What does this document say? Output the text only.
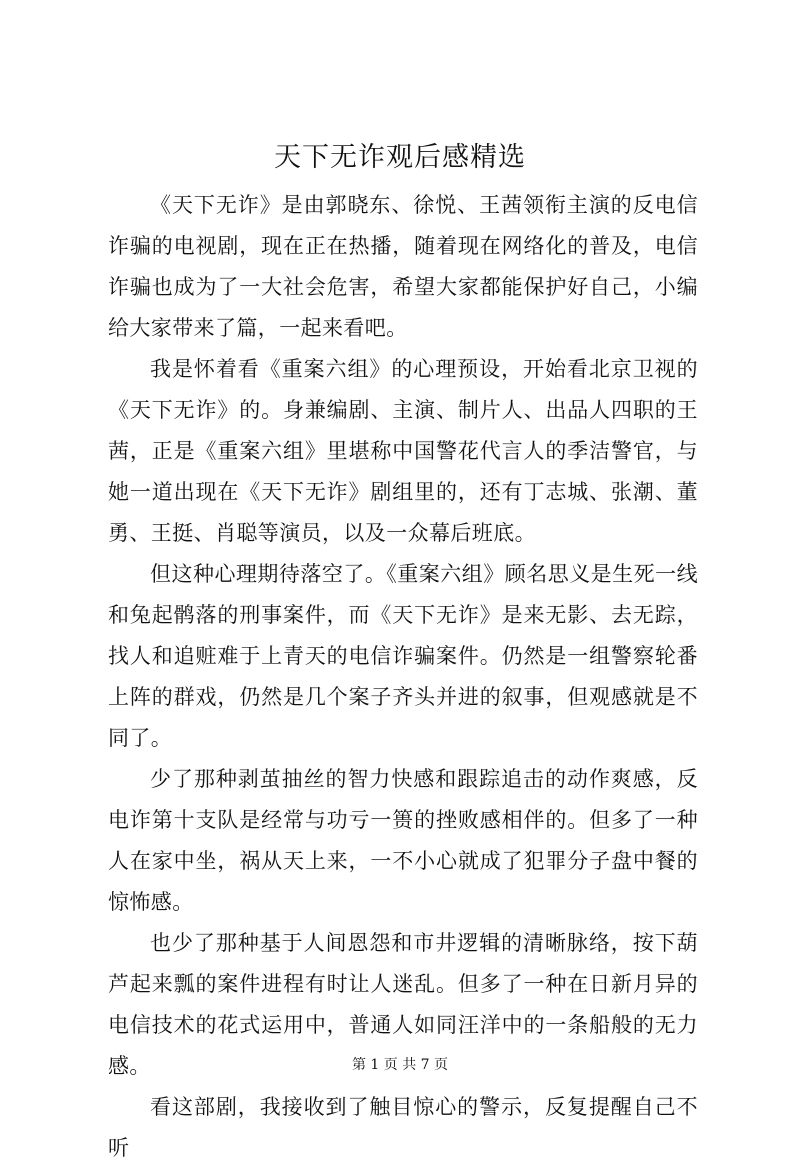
天下无诈观后感精选

《天下无诈》是由郭晓东、徐悦、王茜领衔主演的反电信诈骗的电视剧，现在正在热播，随着现在网络化的普及，电信诈骗也成为了一大社会危害，希望大家都能保护好自己，小编给大家带来了篇，一起来看吧。

我是怀着看《重案六组》的心理预设，开始看北京卫视的《天下无诈》的。身兼编剧、主演、制片人、出品人四职的王茜，正是《重案六组》里堪称中国警花代言人的季洁警官，与她一道出现在《天下无诈》剧组里的，还有丁志城、张潮、董勇、王挺、肖聪等演员，以及一众幕后班底。

但这种心理期待落空了。《重案六组》顾名思义是生死一线和兔起鹘落的刑事案件，而《天下无诈》是来无影、去无踪，找人和追赃难于上青天的电信诈骗案件。仍然是一组警察轮番上阵的群戏，仍然是几个案子齐头并进的叙事，但观感就是不同了。

少了那种剥茧抽丝的智力快感和跟踪追击的动作爽感，反电诈第十支队是经常与功亏一篑的挫败感相伴的。但多了一种人在家中坐，祸从天上来，一不小心就成了犯罪分子盘中餐的惊怖感。

也少了那种基于人间恩怨和市井逻辑的清晰脉络，按下葫芦起来瓢的案件进程有时让人迷乱。但多了一种在日新月异的电信技术的花式运用中，普通人如同汪洋中的一条船般的无力感。

看这部剧，我接收到了触目惊心的警示，反复提醒自己不听

第 1 页 共 7 页
